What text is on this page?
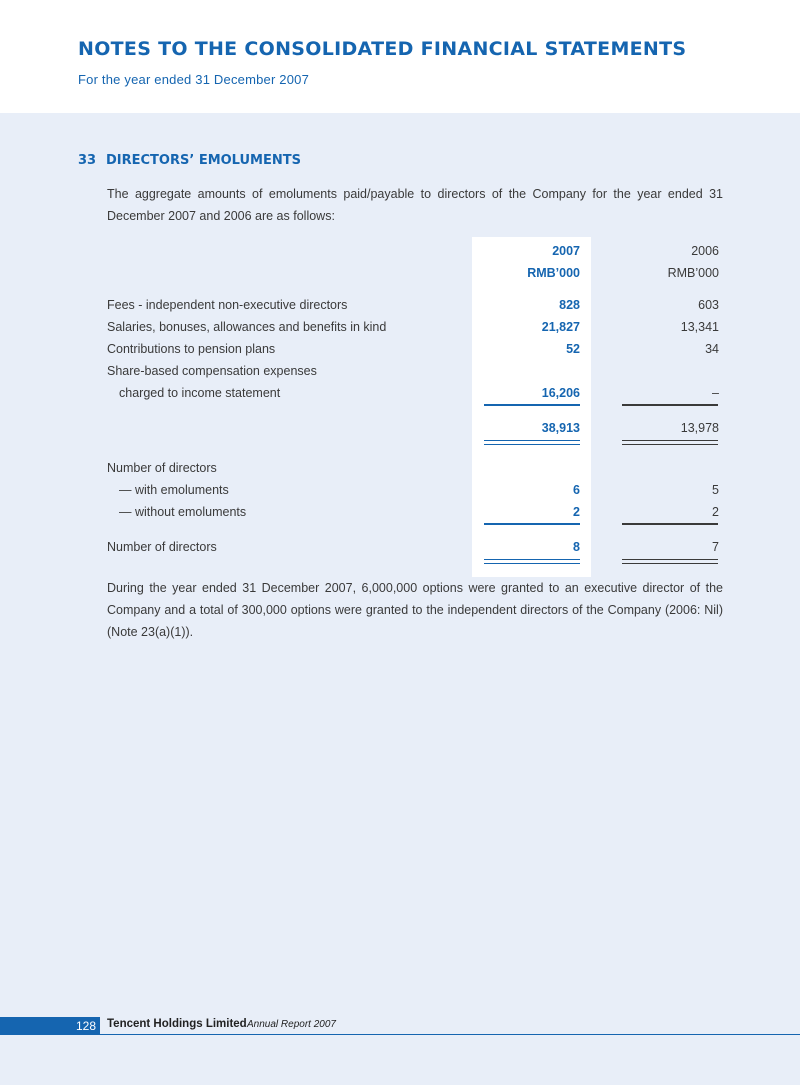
NOTES TO THE CONSOLIDATED FINANCIAL STATEMENTS
For the year ended 31 December 2007
33 DIRECTORS’ EMOLUMENTS

The aggregate amounts of emoluments paid/payable to directors of the Company for the year ended 31 December 2007 and 2006 are as follows:

2007	2006
RMB’000	RMB’000
Fees - independent non-executive directors	828	603
Salaries, bonuses, allowances and benefits in kind	21,827	13,341
Contributions to pension plans	52	34
Share-based compensation expenses
charged to income statement	16,206	–
38,913	13,978
Number of directors
— with emoluments	6	5
— without emoluments	2	2
Number of directors	8	7

During the year ended 31 December 2007, 6,000,000 options were granted to an executive director of the Company and a total of 300,000 options were granted to the independent directors of the Company (2006: Nil) (Note 23(a)(1)).

128 Tencent Holdings Limited Annual Report 2007
